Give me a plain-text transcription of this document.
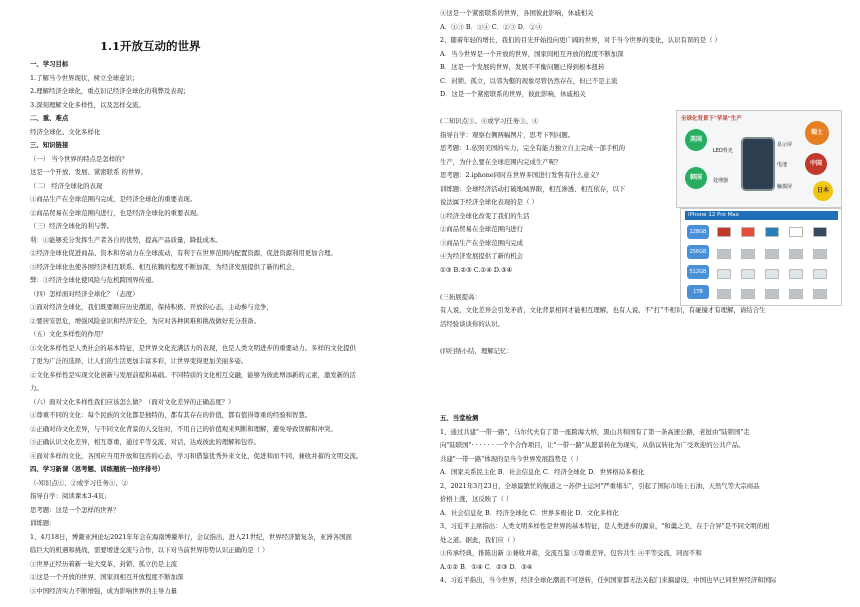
1.1开放互动的世界
一、学习目标
1.了解当今世界现状，树立全球意识；
2.理解经济全球化，重点识记经济全球化的利弊及表现；
3.深刻理解文化多样性，以及怎样交流。
二、重、难点
经济全球化、文化多样化
三、知识链接
（一） 当今世界的特点是怎样的？
这是一个开放、发展、紧密联系 的世界。
（二） 经济全球化的表现
①商品生产在全球范围内完成，是经济全球化的重要表现。
②商品贸易在全球范围内进行，也是经济全球化的重要表现。
（三）经济全球化的利与弊。
利：①能够充分发挥生产者各自的优势，提高产品质量，降低成本。
②经济全球化促进商品、资本和劳动力在全球流动，有利于在世界范围内配置资源，促进资源利用更加合理。
③经济全球化也使各国经济相互联系、相互依赖的程度不断加深，为经济发展提供了新的机会，
弊：③经济全球化使风险与危机跨国界传递。
（四）怎样面对经济全球化？（态度）
①面对经济全球化，我们既要顺应历史潮流，保持积极、开放的心态，主动参与竞争，
②要居安思危，增强风险意识和经济安全，为应对各种困难和挑战做好充分准备。
（五）文化多样性的作用？
①文化多样性是人类社会的基本特征，是世界文化充满活力的表现，也是人类文明进步的重要动力。多样的文化提供
了更为广泛的选择，让人们的生活更加丰富多彩，让世界变得更加美丽多姿。
②文化多样性是实现文化创新与发展前提和基础。不同特质的文化相互交融，能够为彼此增添新的元素，激发新的活
力。
（六）面对文化多样性我们应该怎么做？（面对文化差异的正确态度？）
①尊重不同的文化：每个民族的文化都是独特的，都有其存在的价值，都有值得尊重的经验和智慧。
②正确对待文化差异，与不同文化背景的人交往时，不用自己的价值观来判断和理解，避免导致误解和冲突。
③正确认识文化差异，相互尊重，通过平等交流、对话，达成彼此的理解和包容。
④面对多样的文化，各国应当用开放和包容的心态，学习和借鉴优秀外来文化，促进和而不同、兼收并蓄的文明交流。
四、学习新课（思考题、训练题统一按序排号）
（-知识点①、②或学习任务①、②
指导自学：阅读课本3-4页；
思考题：这是一个怎样的世界？
训练题：
1、4月18日，博鳌亚洲论坛2021年年会在海南博鳌举行，会议指出，进入21世纪，世界经济繁复杂，亚洲各国面
临巨大的机遇和挑战，需要增进交流与合作，以下对当前世界形势认识正确的是（ ）
①世界正经历着新一轮大变革，封锁、孤立仍是主流
②这是一个开放的世界，国家间相互开放程度不断加深
③中国经济实力不断增强，成为影响世界的主导力量
④这是一个紧密联系的世界，各国彼此影响，休戚相关
A．①③ B．①④ C．②③ D．②④
2、随着年轻的增长，我们的目光开始投向更广阔的世界，对于当今世界的变化，认识有误的是（ ）
A．当今世界是一个开放的世界，国家间相互开放的程度不断加深
B．这是一个发展的世界，发展不平衡问题已得到根本扭转
C．封锁、孤立，以邻为壑的现象尽管仍然存在，但已不是主流
D．这是一个紧密联系的世界，彼此影响，休戚相关
(二知识点③、④或学习任务③、④
指导自学：观察右侧两幅图片，思考下列问题。
思考题：1.依照美国的实力，完全有能力独立自主完成一部手机的
生产，为什么要在全球范围内完成生产呢？
思考题：2.iphone同时在世界多国进行发售有什么意义？
训练题：全球经济活动打破地域界限，相互渗透、相互依存，以下
说法属于经济全球化表现的是（ ）
①经济全球化改变了我们的生活
②商品贸易在全球范围内进行
③商品生产在全球范围内完成
④为经济发展提供了新的机会
①③ B.②③ C.①④ D.③④
(三拓展提高：
有人说，文化差异会引发矛盾，文化背景相同才能相互理解，也有人说，不"打"不相识，有碰撞才有理解，请结合生
活经验谈谈你的认识。
(四归纳小结，理解记忆：
五、当堂检测
1、通过共建"一带一路"，马尔代夫有了第一座跨海大桥，黑山共和国有了第一条高速公路，老挝由"陆锁国"走
向"陆联国"· · · · · · 一个个合作项目，让"一带一路"从愿景转化为现实，从倡议转化为广受欢迎的公共产品。
共建"一带一路"体现的是当今世界发展趋势是（ ）
A．国家关系民主化 B．社会信息化 C．经济全球化 D．世界格局多极化
2、2021年3月23日，全球最繁忙的航道之一苏伊士运河"严重堵车"，引起了国际市场上石油、天然气等大宗商品
价格上涨，这反映了（ ）
A．社会信息化 B．经济全球化 C．世界多极化 D．文化多样化
3、习近平主席指出：人类文明多样性是世界的基本特征，是人类进步的源泉，"和羹之美，在于合异"是不同文明的相
处之道。据此，我们应（ ）
①传承经典，推陈出新 ②兼收并蓄，交流互鉴 ③尊重差异，包容共生 ④平等交流，同而不和
A.①② B．①④ C．②③ D．③④
4、习近平指出，当今世界，经济全球化潮流不可逆转，任何国家都无法关起门来搞建设，中国也早已同世界经济和国际
全球化背景下"苹果"生产
美国
瑞士
韩国
中国
日本
LED背光
处理器
显示屏
触摸屏
电池
iPhone 12 Pro Max
128GB
256GB
512GB
1TB
